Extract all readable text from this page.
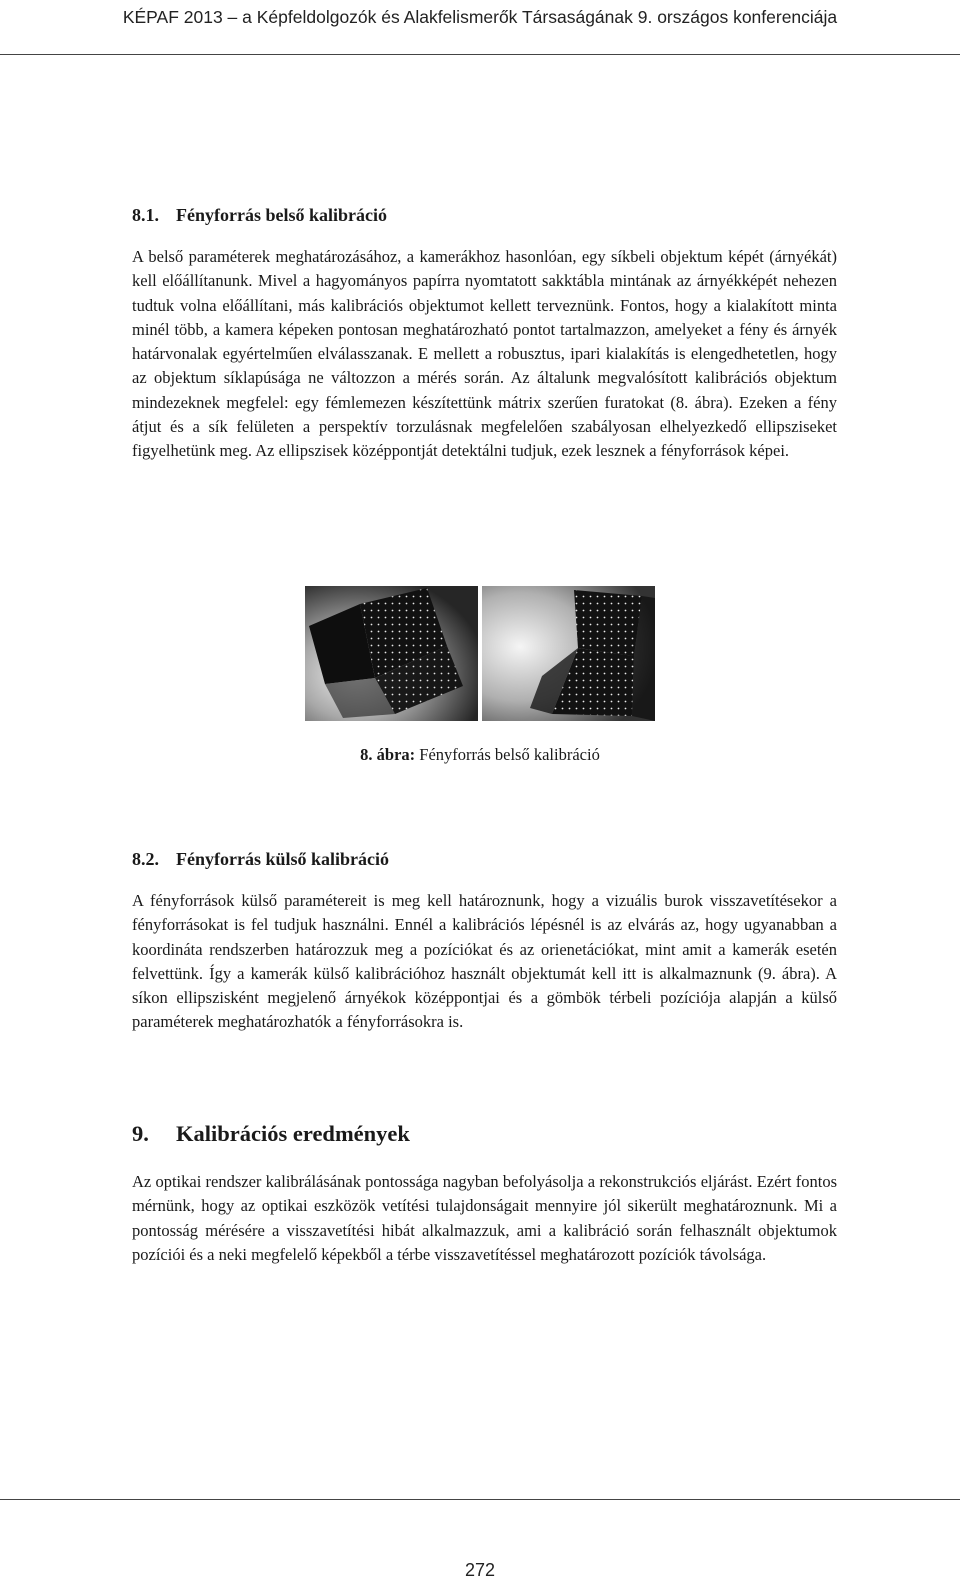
KÉPAF 2013 – a Képfeldolgozók és Alakfelismerők Társaságának 9. országos konferenciája
8.1. Fényforrás belső kalibráció

A belső paraméterek meghatározásához, a kamerákhoz hasonlóan, egy síkbeli objektum képét (árnyékát) kell előállítanunk. Mivel a hagyományos papírra nyomtatott sakktábla mintának az árnyékképét nehezen tudtuk volna előállítani, más kalibrációs objektumot kellett terveznünk. Fontos, hogy a kialakított minta minél több, a kamera képeken pontosan meghatározható pontot tartalmazzon, amelyeket a fény és árnyék határvonalak egyértelműen elválasszanak. E mellett a robusztus, ipari kialakítás is elengedhetetlen, hogy az objektum síklapúsága ne változzon a mérés során. Az általunk megvalósított kalibrációs objektum mindezeknek megfelel: egy fémlemezen készítettünk mátrix szerűen furatokat (8. ábra). Ezeken a fény átjut és a sík felületen a perspektív torzulásnak megfelelően szabályosan elhelyezkedő ellipsziseket figyelhetünk meg. Az ellipszisek középpontját detektálni tudjuk, ezek lesznek a fényforrások képei.

8. ábra: Fényforrás belső kalibráció
8.2. Fényforrás külső kalibráció

A fényforrások külső paramétereit is meg kell határoznunk, hogy a vizuális burok visszavetítésekor a fényforrásokat is fel tudjuk használni. Ennél a kalibrációs lépésnél is az elvárás az, hogy ugyanabban a koordináta rendszerben határozzuk meg a pozíciókat és az orienetációkat, mint amit a kamerák esetén felvettünk. Így a kamerák külső kalibrációhoz használt objektumát kell itt is alkalmaznunk (9. ábra). A síkon ellipszisként megjelenő árnyékok középpontjai és a gömbök térbeli pozíciója alapján a külső paraméterek meghatározhatók a fényforrásokra is.

9. Kalibrációs eredmények

Az optikai rendszer kalibrálásának pontossága nagyban befolyásolja a rekonstrukciós eljárást. Ezért fontos mérnünk, hogy az optikai eszközök vetítési tulajdonságait mennyire jól sikerült meghatároznunk. Mi a pontosság mérésére a visszavetítési hibát alkalmazzuk, ami a kalibráció során felhasznált objektumok pozíciói és a neki megfelelő képekből a térbe visszavetítéssel meghatározott pozíciók távolsága.

272
